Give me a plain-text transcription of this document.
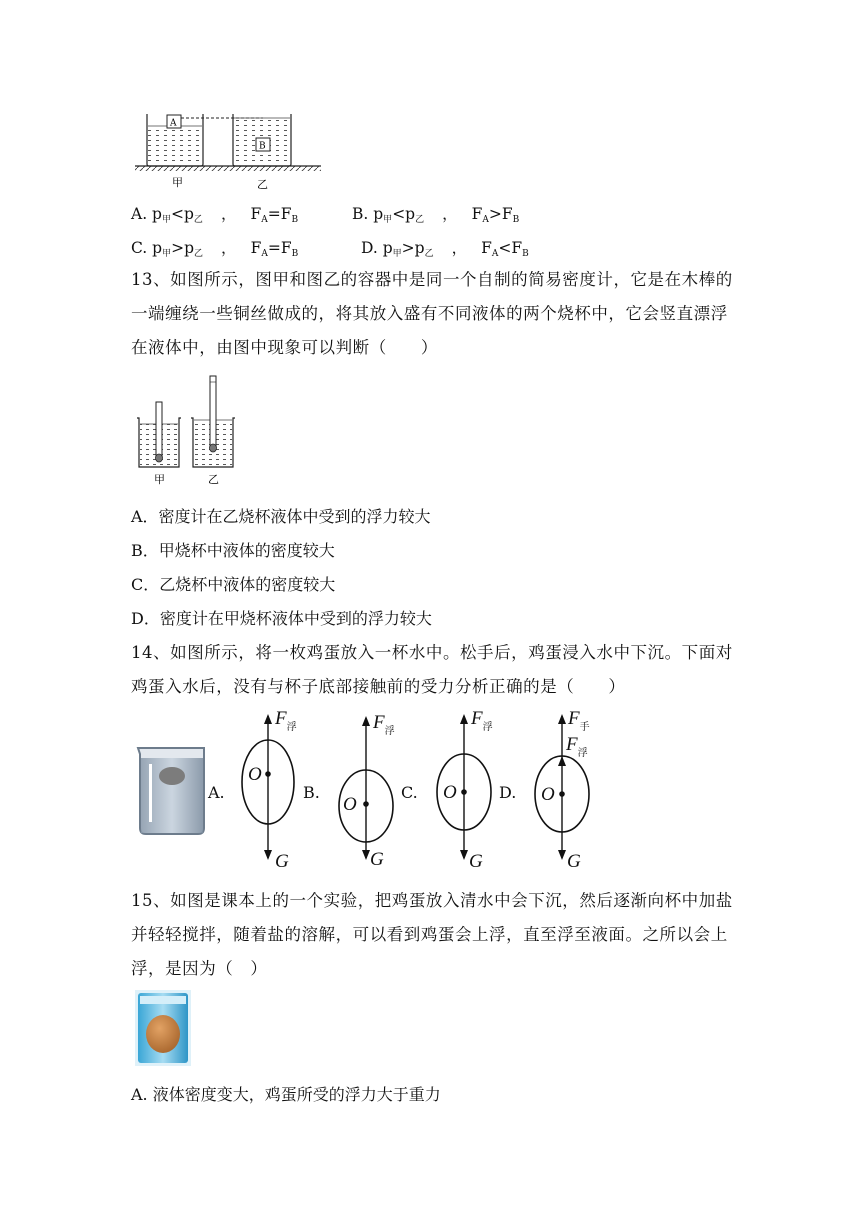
A
B
甲	乙
A. $p_甲<p_乙$ ， $F_A=F_B$	B. $p_甲<p_乙$ ， $F_A>F_B$
C. $p_甲>p_乙$ ， $F_A=F_B$	D. $p_甲>p_乙$ ， $F_A<F_B$
13、如图所示，图甲和图乙的容器中是同一个自制的简易密度计，它是在木棒的
一端缠绕一些铜丝做成的，将其放入盛有不同液体的两个烧杯中，它会竖直漂浮
在液体中，由图中现象可以判断（　　）
甲	乙
A．密度计在乙烧杯液体中受到的浮力较大
B．甲烧杯中液体的密度较大
C．乙烧杯中液体的密度较大
D．密度计在甲烧杯液体中受到的浮力较大
14、如图所示，将一枚鸡蛋放入一杯水中。松手后，鸡蛋浸入水中下沉。下面对
鸡蛋入水后，没有与杯子底部接触前的受力分析正确的是（　　）
A.	B.	C.	D.
$F_浮$
O
G
$F_浮$
O
G
$F_浮$
O
G
$F_手$
$F_浮$
O
G
15、如图是课本上的一个实验，把鸡蛋放入清水中会下沉，然后逐渐向杯中加盐
并轻轻搅拌，随着盐的溶解，可以看到鸡蛋会上浮，直至浮至液面。之所以会上
浮，是因为（　）
A. 液体密度变大，鸡蛋所受的浮力大于重力
